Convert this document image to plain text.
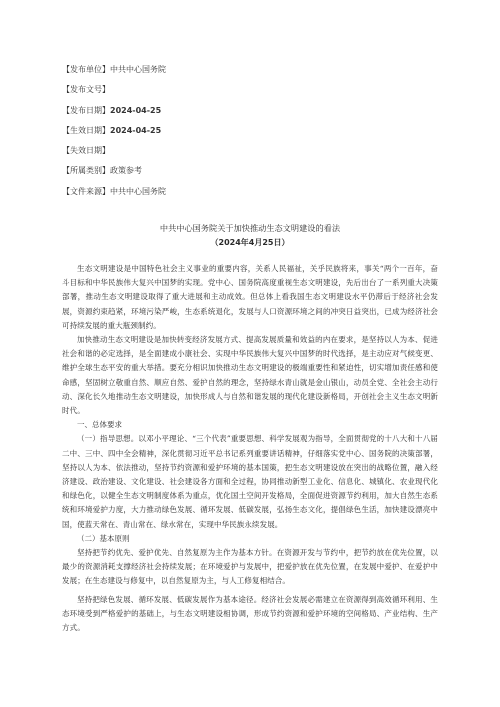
【发布单位】中共中心国务院
【发布文号】
【发布日期】2024-04-25
【生效日期】2024-04-25
【失效日期】
【所属类别】政策参考
【文件来源】中共中心国务院
中共中心国务院关于加快推动生态文明建设的看法
（2024年4月25日）

生态文明建设是中国特色社会主义事业的重要内容，关系人民福祉，关乎民族将来，事关“两个一百年，奋斗目标和中华民族伟大复兴中国梦的实现。党中心、国务院高度重视生态文明建设，先后出台了一系列重大决策部署，推动生态文明建设取得了重大进展和主动成效。但总体上看我国生态文明建设水平仍滞后于经济社会发展，资源约束趋紧，环境污染严峻，生态系统退化，发展与人口资源环境之间的冲突日益突出，已成为经济社会可持续发展的重大瓶颈制约。

加快推动生态文明建设是加快转变经济发展方式、提高发展质量和效益的内在要求，是坚持以人为本、促进社会和谐的必定选择，是全面建成小康社会、实现中华民族伟大复兴中国梦的时代选择，是主动应对气候变更、维护全球生态平安的重大举措。要充分相识加快推动生态文明建设的极端重要性和紧迫性，切实增加责任感和使命感，坚固树立敬重自然、顺应自然、爱护自然的理念，坚持绿水青山就是金山银山，动员全党、全社会主动行动、深化长久地推动生态文明建设，加快形成人与自然和谐发展的现代化建设新格局，开创社会主义生态文明新时代。

一、总体要求

（一）指导思想。以邓小平理论、“三个代表”重要思想、科学发展观为指导，全面贯彻党的十八大和十八届二中、三中、四中全会精神，深化贯彻习近平总书记系列重要讲话精神，仔细落实党中心、国务院的决策部署，坚持以人为本、依法推动，坚持节约资源和爱护环境的基本国策，把生态文明建设放在突出的战略位置，融入经济建设、政治建设、文化建设、社会建设各方面和全过程，协同推动新型工业化、信息化、城镇化、农业现代化和绿色化，以健全生态文明制度体系为重点，优化国土空间开发格局，全面促进资源节约利用，加大自然生态系统和环境爱护力度，大力推动绿色发展、循环发展、低碳发展，弘扬生态文化，提倡绿色生活，加快建设漂亮中国，使蓝天常在、青山常在、绿水常在，实现中华民族永续发展。

（二）基本原则

坚持把节约优先、爱护优先、自然复原为主作为基本方针。在资源开发与节约中，把节约放在优先位置，以最少的资源消耗支撑经济社会持续发展；在环境爱护与发展中，把爱护放在优先位置，在发展中爱护、在爱护中发展；在生态建设与修复中，以自然复原为主，与人工修复相结合。

坚持把绿色发展、循环发展、低碳发展作为基本途径。经济社会发展必需建立在资源得到高效循环利用、生态环境受到严格爱护的基础上，与生态文明建设相协调，形成节约资源和爱护环境的空间格局、产业结构、生产方式。
